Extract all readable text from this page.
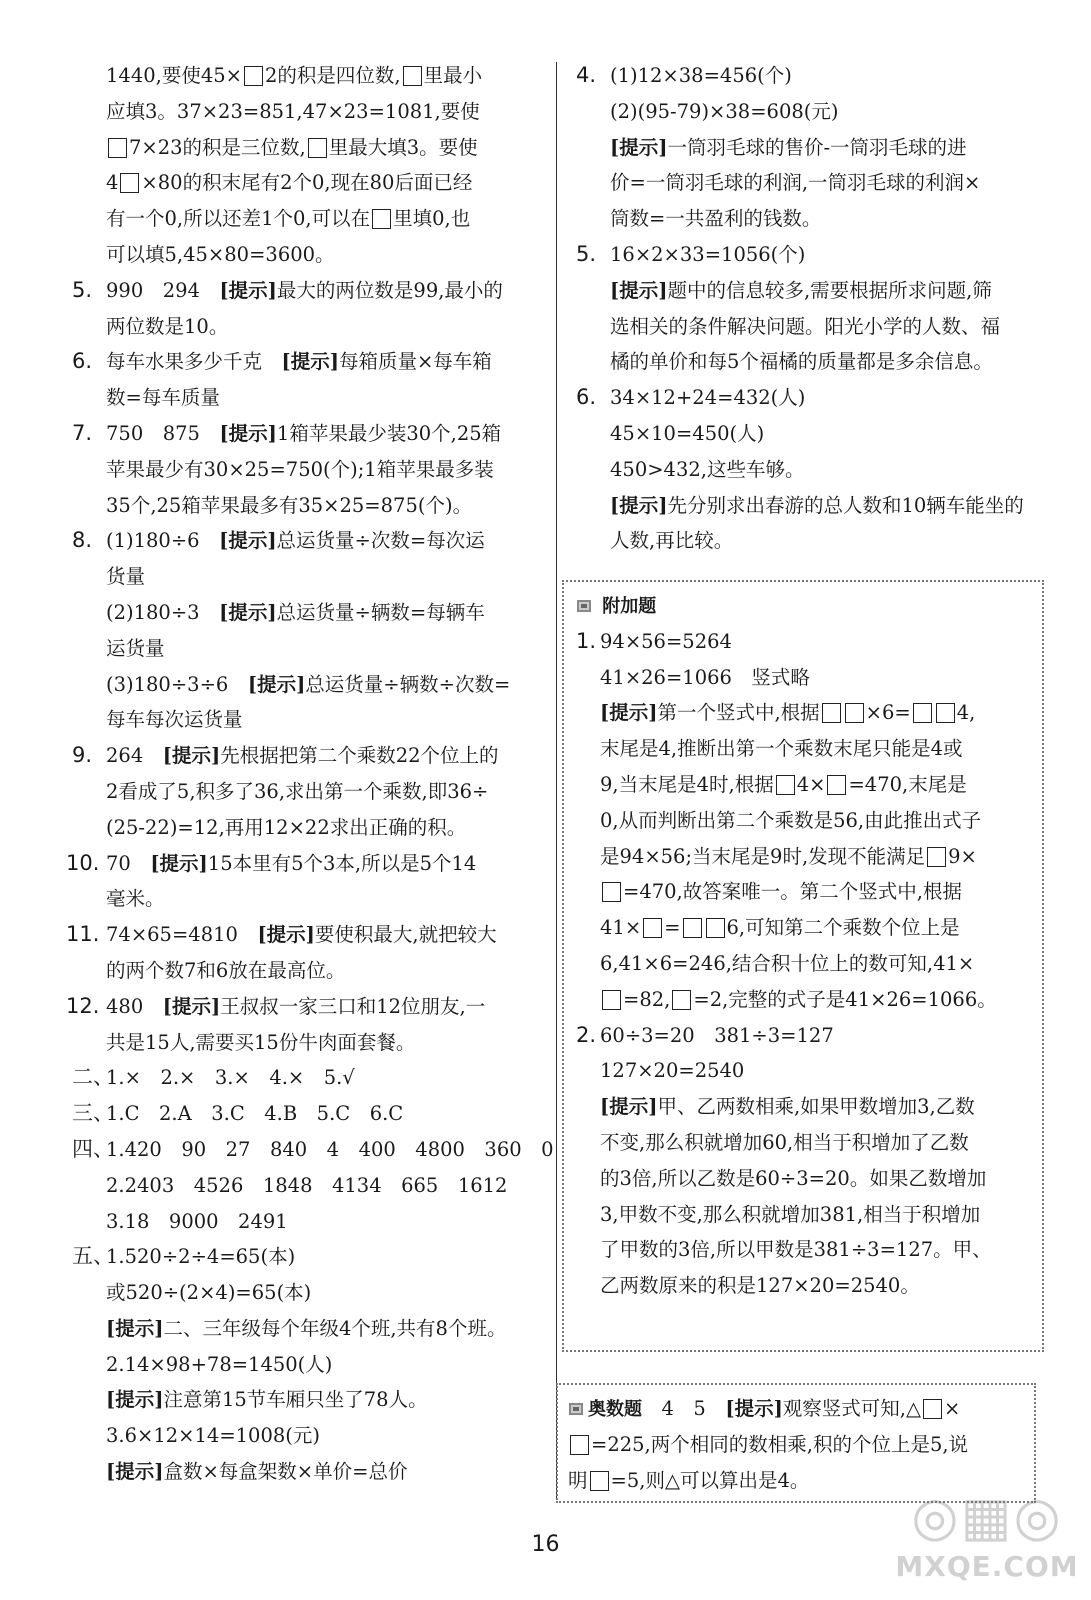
1440,要使45× 2的积是四位数, 里最小
应填3。37×23=851,47×23=1081,要使
7×23的积是三位数, 里最大填3。要使
4 ×80的积末尾有2个0,现在80后面已经
有一个0,所以还差1个0,可以在 里填0,也
可以填5,45×80=3600。
5. 990　294　[提示]最大的两位数是99,最小的
两位数是10。
6. 每车水果多少千克　[提示]每箱质量×每车箱
数=每车质量
7. 750　875　[提示]1箱苹果最少装30个,25箱
苹果最少有30×25=750(个);1箱苹果最多装
35个,25箱苹果最多有35×25=875(个)。
8. (1)180÷6　[提示]总运货量÷次数=每次运
货量
(2)180÷3　[提示]总运货量÷辆数=每辆车
运货量
(3)180÷3÷6　[提示]总运货量÷辆数÷次数=
每车每次运货量
9. 264　[提示]先根据把第二个乘数22个位上的
2看成了5,积多了36,求出第一个乘数,即36÷
(25-22)=12,再用12×22求出正确的积。
10. 70　[提示]15本里有5个3本,所以是5个14
毫米。
11. 74×65=4810　[提示]要使积最大,就把较大
的两个数7和6放在最高位。
12. 480　[提示]王叔叔一家三口和12位朋友,一
共是15人,需要买15份牛肉面套餐。
二、
1.×　2.×　3.×　4.×　5.√
三、
1.C　2.A　3.C　4.B　5.C　6.C
四、
1.420　90　27　840　4　400　4800　360　0
2.2403　4526　1848　4134　665　1612
3.18　9000　2491
五、
1.520÷2÷4=65(本)
或520÷(2×4)=65(本)
[提示]二、三年级每个年级4个班,共有8个班。
2.14×98+78=1450(人)
[提示]注意第15节车厢只坐了78人。
3.6×12×14=1008(元)
[提示]盒数×每盒架数×单价=总价
4. (1)12×38=456(个)
(2)(95-79)×38=608(元)
[提示]一筒羽毛球的售价-一筒羽毛球的进
价=一筒羽毛球的利润,一筒羽毛球的利润×
筒数=一共盈利的钱数。
5. 16×2×33=1056(个)
[提示]题中的信息较多,需要根据所求问题,筛
选相关的条件解决问题。阳光小学的人数、福
橘的单价和每5个福橘的质量都是多余信息。
6. 34×12+24=432(人)
45×10=450(人)
450>432,这些车够。
[提示]先分别求出春游的总人数和10辆车能坐的
人数,再比较。
附加题
1. 94×56=5264
41×26=1066　竖式略
[提示]第一个竖式中,根据 ×6= 4,
末尾是4,推断出第一个乘数末尾只能是4或
9,当末尾是4时,根据 4× =470,末尾是
0,从而判断出第二个乘数是56,由此推出式子
是94×56;当末尾是9时,发现不能满足 9×
=470,故答案唯一。第二个竖式中,根据
41× = 6,可知第二个乘数个位上是
6,41×6=246,结合积十位上的数可知,41×
=82, =2,完整的式子是41×26=1066。
2. 60÷3=20　381÷3=127
127×20=2540
[提示]甲、乙两数相乘,如果甲数增加3,乙数
不变,那么积就增加60,相当于积增加了乙数
的3倍,所以乙数是60÷3=20。如果乙数增加
3,甲数不变,那么积就增加381,相当于积增加
了甲数的3倍,所以甲数是381÷3=127。甲、
乙两数原来的积是127×20=2540。
奥数题　 4　5　[提示]观察竖式可知,△ ×
=225,两个相同的数相乘,积的个位上是5,说
明 =5,则△可以算出是4。
16	◎▦◎
MXQE.COM
